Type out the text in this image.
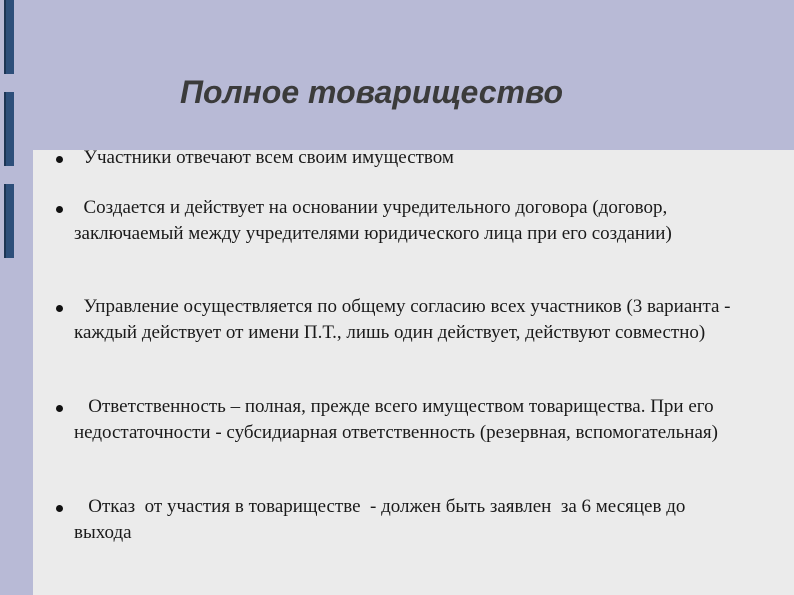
Полное товарищество
Участники отвечают всем своим имуществом
Создается и действует на основании учредительного договора (договор, заключаемый между учредителями юридического лица при его создании)
Управление осуществляется по общему согласию всех участников (3 варианта - каждый действует от имени П.Т., лишь один действует, действуют совместно)
Ответственность – полная, прежде всего имуществом товарищества. При его недостаточности - субсидиарная ответственность (резервная, вспомогательная)
Отказ  от участия в товариществе  - должен быть заявлен  за 6 месяцев до выхода
